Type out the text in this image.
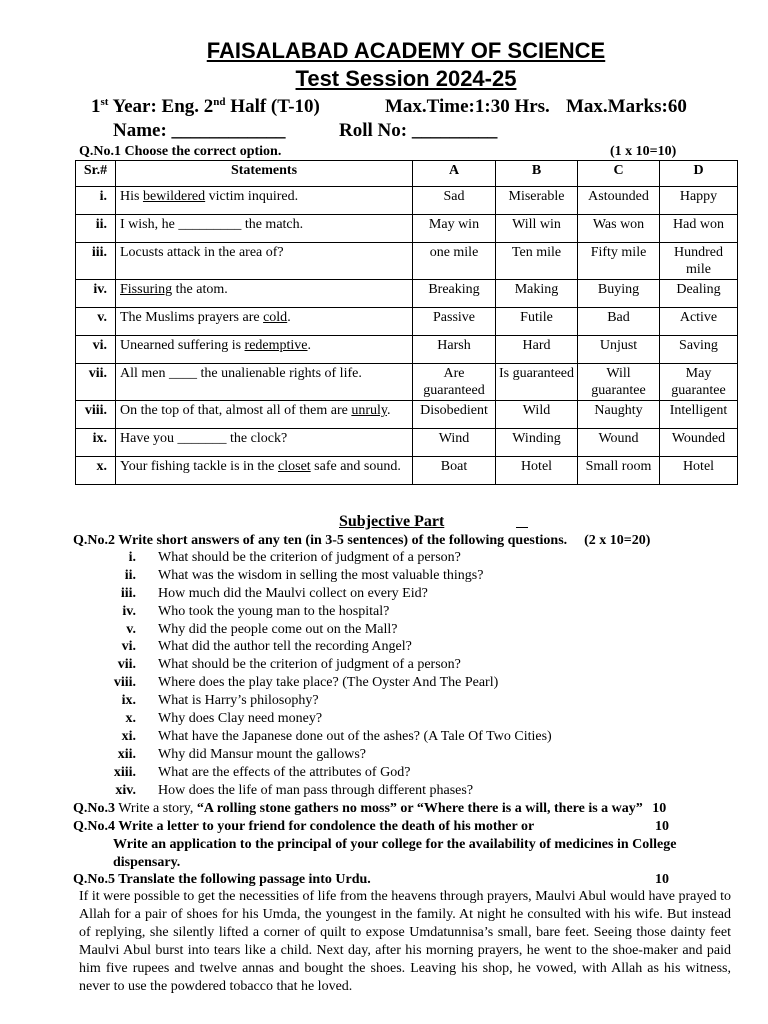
FAISALABAD ACADEMY OF SCIENCE
Test Session 2024-25
1st Year: Eng. 2nd Half (T-10)	Max.Time:1:30 Hrs. Max.Marks:60
Name: ____________	Roll No: _________
Q.No.1 Choose the correct option.	(1 x 10=10)
Sr.#	Statements	A	B	C	D
i.	His bewildered victim inquired.	Sad	Miserable	Astounded	Happy
ii.	I wish, he _________ the match.	May win	Will win	Was won	Had won
iii.	Locusts attack in the area of?	one mile	Ten mile	Fifty mile	Hundred mile
iv.	Fissuring the atom.	Breaking	Making	Buying	Dealing
v.	The Muslims prayers are cold.	Passive	Futile	Bad	Active
vi.	Unearned suffering is redemptive.	Harsh	Hard	Unjust	Saving
vii.	All men ____ the unalienable rights of life.	Are guaranteed	Is guaranteed	Will guarantee	May guarantee
viii.	On the top of that, almost all of them are unruly.	Disobedient	Wild	Naughty	Intelligent
ix.	Have you _______ the clock?	Wind	Winding	Wound	Wounded
x.	Your fishing tackle is in the closet safe and sound.	Boat	Hotel	Small room	Hotel
Subjective Part

Q.No.2 Write short answers of any ten (in 3-5 sentences) of the following questions. (2 x 10=20)
i. What should be the criterion of judgment of a person?
ii. What was the wisdom in selling the most valuable things?
iii. How much did the Maulvi collect on every Eid?
iv. Who took the young man to the hospital?
v. Why did the people come out on the Mall?
vi. What did the author tell the recording Angel?
vii. What should be the criterion of judgment of a person?
viii. Where does the play take place? (The Oyster And The Pearl)
ix. What is Harry’s philosophy?
x. Why does Clay need money?
xi. What have the Japanese done out of the ashes? (A Tale Of Two Cities)
xii. Why did Mansur mount the gallows?
xiii. What are the effects of the attributes of God?
xiv. How does the life of man pass through different phases?
Q.No.3 Write a story, “A rolling stone gathers no moss” or “Where there is a will, there is a way” 10
Q.No.4 Write a letter to your friend for condolence the death of his mother or	10
Write an application to the principal of your college for the availability of medicines in College
dispensary.
Q.No.5 Translate the following passage into Urdu.	10

If it were possible to get the necessities of life from the heavens through prayers, Maulvi Abul would have prayed to Allah for a pair of shoes for his Umda, the youngest in the family. At night he consulted with his wife. But instead of replying, she silently lifted a corner of quilt to expose Umdatunnisa’s small, bare feet. Seeing those dainty feet Maulvi Abul burst into tears like a child. Next day, after his morning prayers, he went to the shoe-maker and paid him five rupees and twelve annas and bought the shoes. Leaving his shop, he vowed, with Allah as his witness, never to use the powdered tobacco that he loved.
